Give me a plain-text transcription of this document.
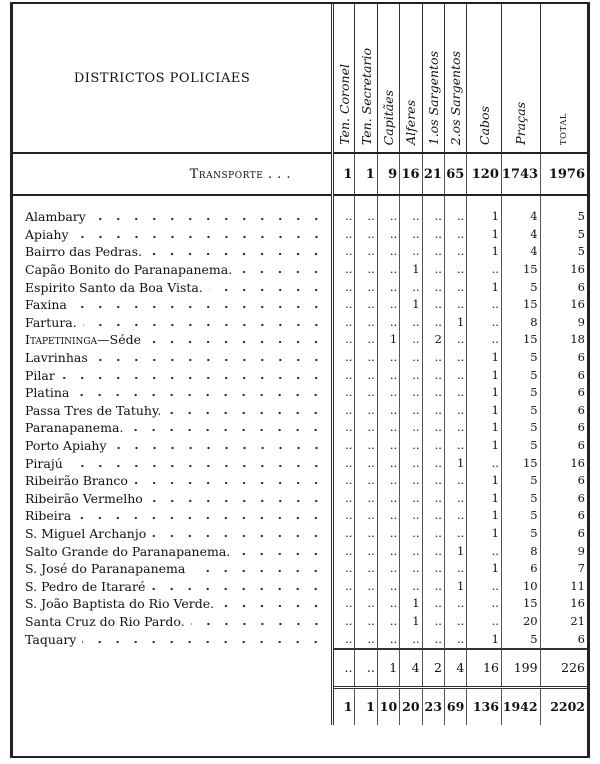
DISTRICTOS POLICIAES	Ten. Coronel	Ten. Secretario	Capitães	Alferes	1.os Sargentos	2.os Sargentos	Cabos	Praças	TOTAL
Transporte . . .	1	1	9	16	21	65	120	1743	1976

Alambary	..	..	..	..	..	..	1	4	5

Apiahy	..	..	..	..	..	..	1	4	5

Bairro das Pedras.	..	..	..	..	..	..	1	4	5

Capão Bonito do Paranapanema.	..	..	..	1	..	..	..	15	16

Espirito Santo da Boa Vista.	..	..	..	..	..	..	1	5	6

Faxina	..	..	..	1	..	..	..	15	16

Fartura.	..	..	..	..	..	1	..	8	9

Itapetininga—Séde	..	..	1	..	2	..	..	15	18

Lavrinhas	..	..	..	..	..	..	1	5	6

Pilar	..	..	..	..	..	..	1	5	6

Platina	..	..	..	..	..	..	1	5	6

Passa Tres de Tatuhy.	..	..	..	..	..	..	1	5	6

Paranapanema.	..	..	..	..	..	..	1	5	6

Porto Apiahy	..	..	..	..	..	..	1	5	6

Pirajú	..	..	..	..	..	1	..	15	16

Ribeirão Branco	..	..	..	..	..	..	1	5	6

Ribeirão Vermelho	..	..	..	..	..	..	1	5	6

Ribeira	..	..	..	..	..	..	1	5	6

S. Miguel Archanjo	..	..	..	..	..	..	1	5	6

Salto Grande do Paranapanema.	..	..	..	..	..	1	..	8	9

S. José do Paranapanema	..	..	..	..	..	..	1	6	7

S. Pedro de Itararé	..	..	..	..	..	1	..	10	11

S. João Baptista do Rio Verde.	..	..	..	1	..	..	..	15	16

Santa Cruz do Rio Pardo.	..	..	..	1	..	..	..	20	21

Taquary	..	..	..	..	..	..	1	5	6
	..	..	1	4	2	4	16	199	226
	1	1	10	20	23	69	136	1942	2202
